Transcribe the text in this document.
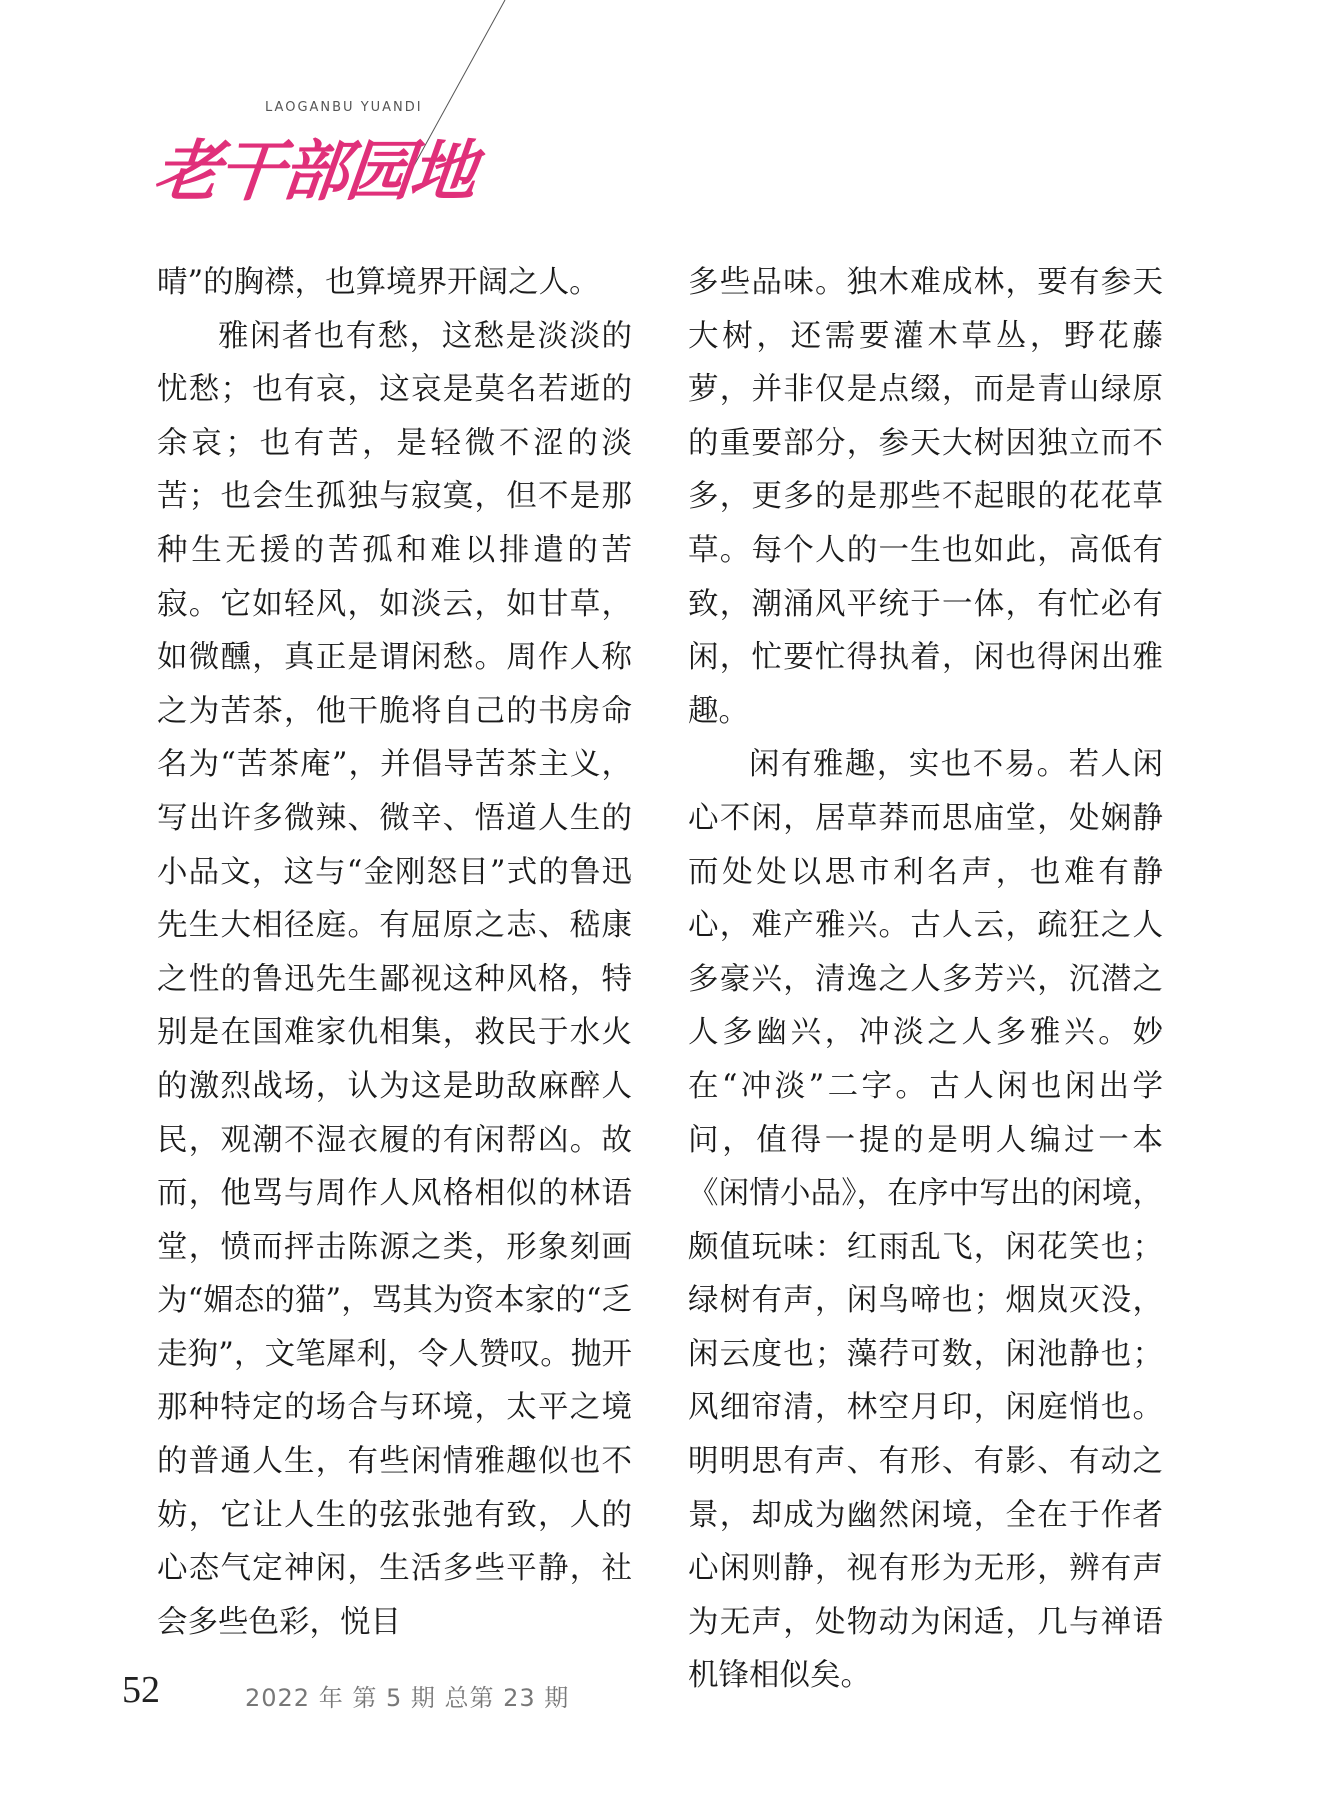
LAOGANBU YUANDI
老干部园地

晴”的胸襟，也算境界开阔之人。

雅闲者也有愁，这愁是淡淡的忧愁；也有哀，这哀是莫名若逝的余哀；也有苦，是轻微不涩的淡苦；也会生孤独与寂寞，但不是那种生无援的苦孤和难以排遣的苦寂。它如轻风，如淡云，如甘草，如微醺，真正是谓闲愁。周作人称之为苦茶，他干脆将自己的书房命名为“苦茶庵”，并倡导苦茶主义，写出许多微辣、微辛、悟道人生的小品文，这与“金刚怒目”式的鲁迅先生大相径庭。有屈原之志、嵇康之性的鲁迅先生鄙视这种风格，特别是在国难家仇相集，救民于水火的激烈战场，认为这是助敌麻醉人民，观潮不湿衣履的有闲帮凶。故而，他骂与周作人风格相似的林语堂，愤而抨击陈源之类，形象刻画为“媚态的猫”，骂其为资本家的“乏走狗”，文笔犀利，令人赞叹。抛开那种特定的场合与环境，太平之境的普通人生，有些闲情雅趣似也不妨，它让人生的弦张弛有致，人的心态气定神闲，生活多些平静，社会多些色彩，悦目

多些品味。独木难成林，要有参天大树，还需要灌木草丛，野花藤萝，并非仅是点缀，而是青山绿原的重要部分，参天大树因独立而不多，更多的是那些不起眼的花花草草。每个人的一生也如此，高低有致，潮涌风平统于一体，有忙必有闲，忙要忙得执着，闲也得闲出雅趣。

闲有雅趣，实也不易。若人闲心不闲，居草莽而思庙堂，处娴静而处处以思市利名声，也难有静心，难产雅兴。古人云，疏狂之人多豪兴，清逸之人多芳兴，沉潜之人多幽兴，冲淡之人多雅兴。妙在“冲淡”二字。古人闲也闲出学问，值得一提的是明人编过一本《闲情小品》，在序中写出的闲境，颇值玩味：红雨乱飞，闲花笑也；绿树有声，闲鸟啼也；烟岚灭没，闲云度也；藻荇可数，闲池静也；风细帘清，林空月印，闲庭悄也。明明思有声、有形、有影、有动之景，却成为幽然闲境，全在于作者心闲则静，视有形为无形，辨有声为无声，处物动为闲适，几与禅语机锋相似矣。

52	2022 年 第 5 期 总第 23 期
